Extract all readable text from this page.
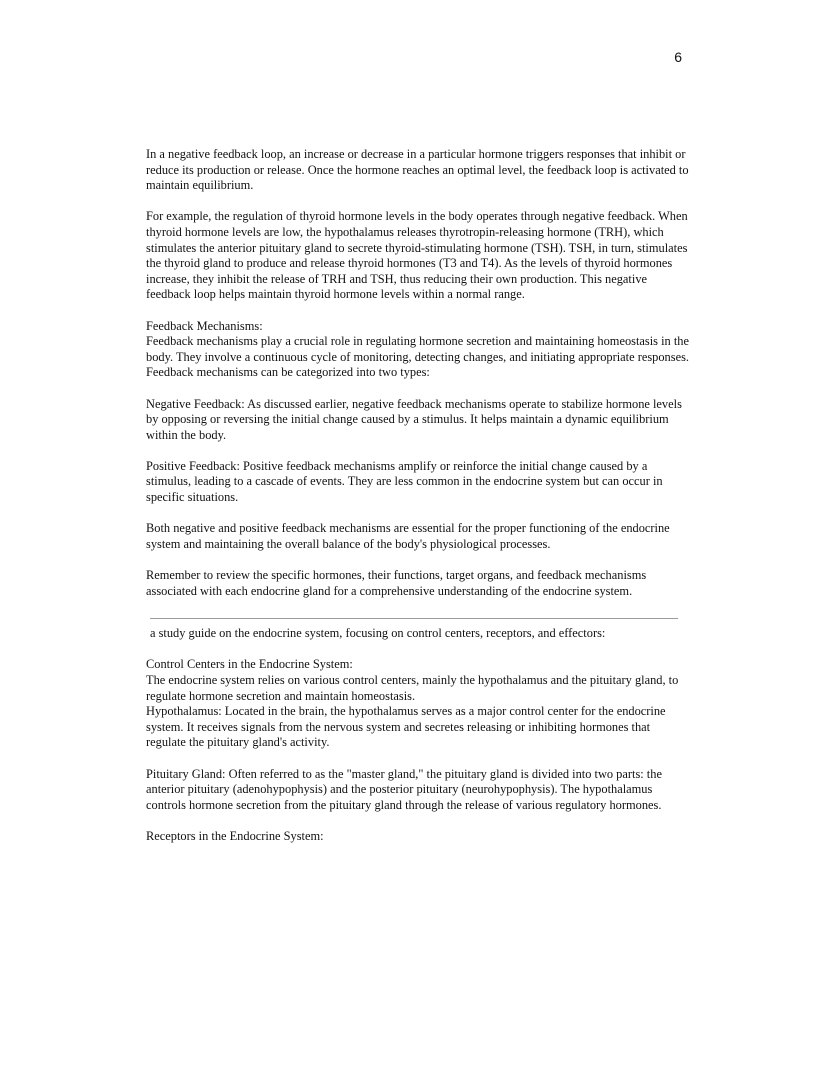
6

In a negative feedback loop, an increase or decrease in a particular hormone triggers responses that inhibit or reduce its production or release. Once the hormone reaches an optimal level, the feedback loop is activated to maintain equilibrium.

For example, the regulation of thyroid hormone levels in the body operates through negative feedback. When thyroid hormone levels are low, the hypothalamus releases thyrotropin-releasing hormone (TRH), which stimulates the anterior pituitary gland to secrete thyroid-stimulating hormone (TSH). TSH, in turn, stimulates the thyroid gland to produce and release thyroid hormones (T3 and T4). As the levels of thyroid hormones increase, they inhibit the release of TRH and TSH, thus reducing their own production. This negative feedback loop helps maintain thyroid hormone levels within a normal range.

Feedback Mechanisms:

Feedback mechanisms play a crucial role in regulating hormone secretion and maintaining homeostasis in the body. They involve a continuous cycle of monitoring, detecting changes, and initiating appropriate responses.

Feedback mechanisms can be categorized into two types:

Negative Feedback: As discussed earlier, negative feedback mechanisms operate to stabilize hormone levels by opposing or reversing the initial change caused by a stimulus. It helps maintain a dynamic equilibrium within the body.

Positive Feedback: Positive feedback mechanisms amplify or reinforce the initial change caused by a stimulus, leading to a cascade of events. They are less common in the endocrine system but can occur in specific situations.

Both negative and positive feedback mechanisms are essential for the proper functioning of the endocrine system and maintaining the overall balance of the body's physiological processes.

Remember to review the specific hormones, their functions, target organs, and feedback mechanisms associated with each endocrine gland for a comprehensive understanding of the endocrine system.

a study guide on the endocrine system, focusing on control centers, receptors, and effectors:

Control Centers in the Endocrine System:

The endocrine system relies on various control centers, mainly the hypothalamus and the pituitary gland, to regulate hormone secretion and maintain homeostasis.

Hypothalamus: Located in the brain, the hypothalamus serves as a major control center for the endocrine system. It receives signals from the nervous system and secretes releasing or inhibiting hormones that regulate the pituitary gland's activity.

Pituitary Gland: Often referred to as the "master gland," the pituitary gland is divided into two parts: the anterior pituitary (adenohypophysis) and the posterior pituitary (neurohypophysis). The hypothalamus controls hormone secretion from the pituitary gland through the release of various regulatory hormones.

Receptors in the Endocrine System:
